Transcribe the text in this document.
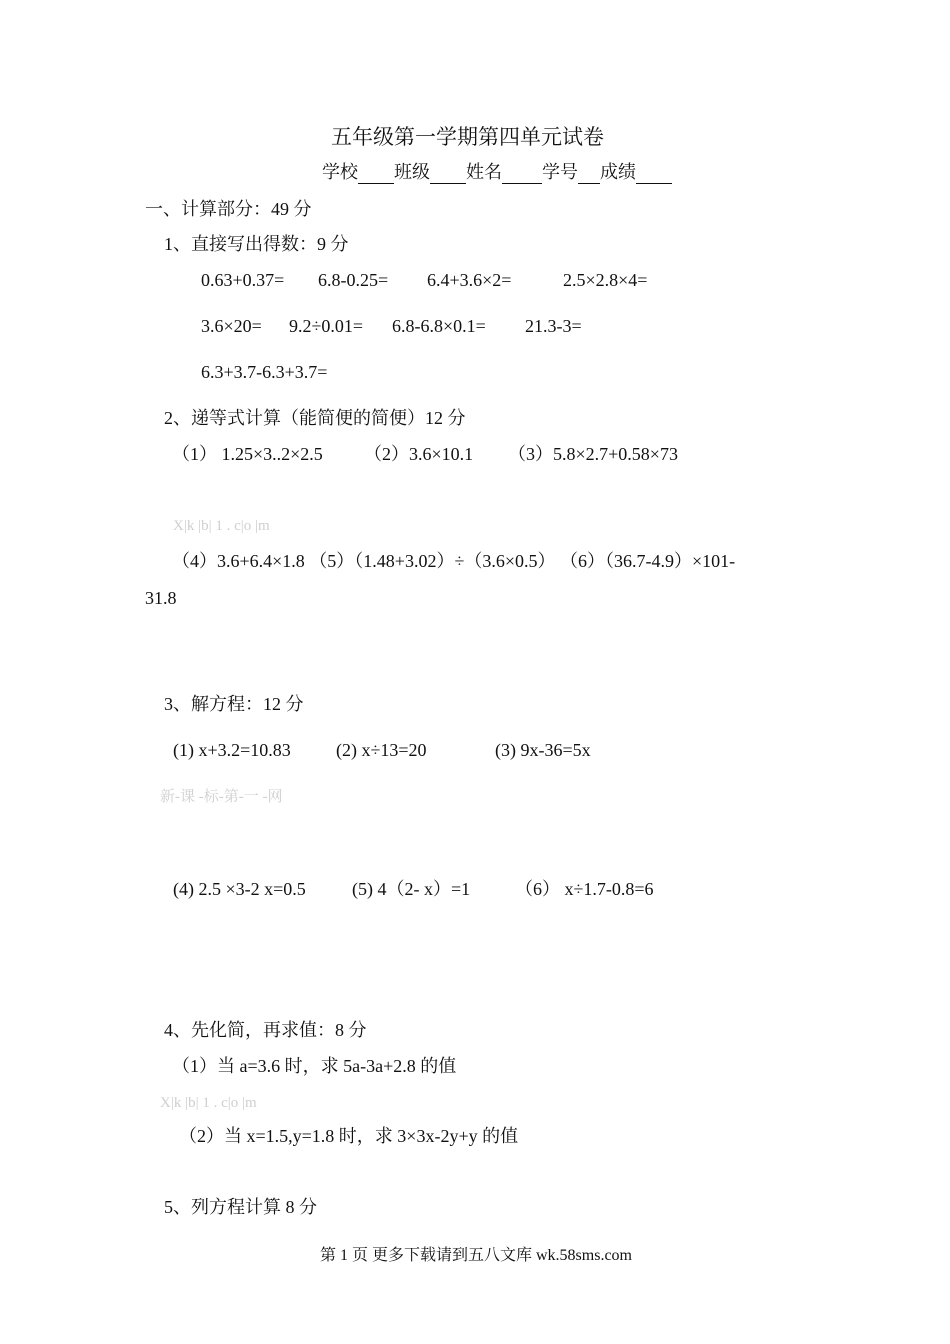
五年级第一学期第四单元试卷
学校 班级 姓名 学号 成绩
一、计算部分：49 分
1、直接写出得数：9 分
0.63+0.37= 6.8-0.25= 6.4+3.6×2=	2.5×2.8×4=
3.6×20= 9.2÷0.01= 6.8-6.8×0.1= 21.3-3=
6.3+3.7-6.3+3.7=
2、递等式计算（能简便的简便）12 分
（1） 1.25×3..2×2.5 （2）3.6×10.1 （3）5.8×2.7+0.58×73
X|k |b| 1 . c|o |m
（4）3.6+6.4×1.8 （5）（1.48+3.02）÷（3.6×0.5） （6）（36.7-4.9）×101-
31.8
3、解方程：12 分
(1) x+3.2=10.83	(2) x÷13=20	(3) 9x-36=5x
新-课 -标-第-一 -网
(4) 2.5 ×3-2 x=0.5	(5) 4（2- x）=1 （6） x÷1.7-0.8=6
4、先化简，再求值：8 分
（1）当 a=3.6 时，求 5a-3a+2.8 的值
X|k |b| 1 . c|o |m
（2）当 x=1.5,y=1.8 时，求 3×3x-2y+y 的值
5、列方程计算 8 分
第 1 页 更多下载请到五八文库 wk.58sms.com
